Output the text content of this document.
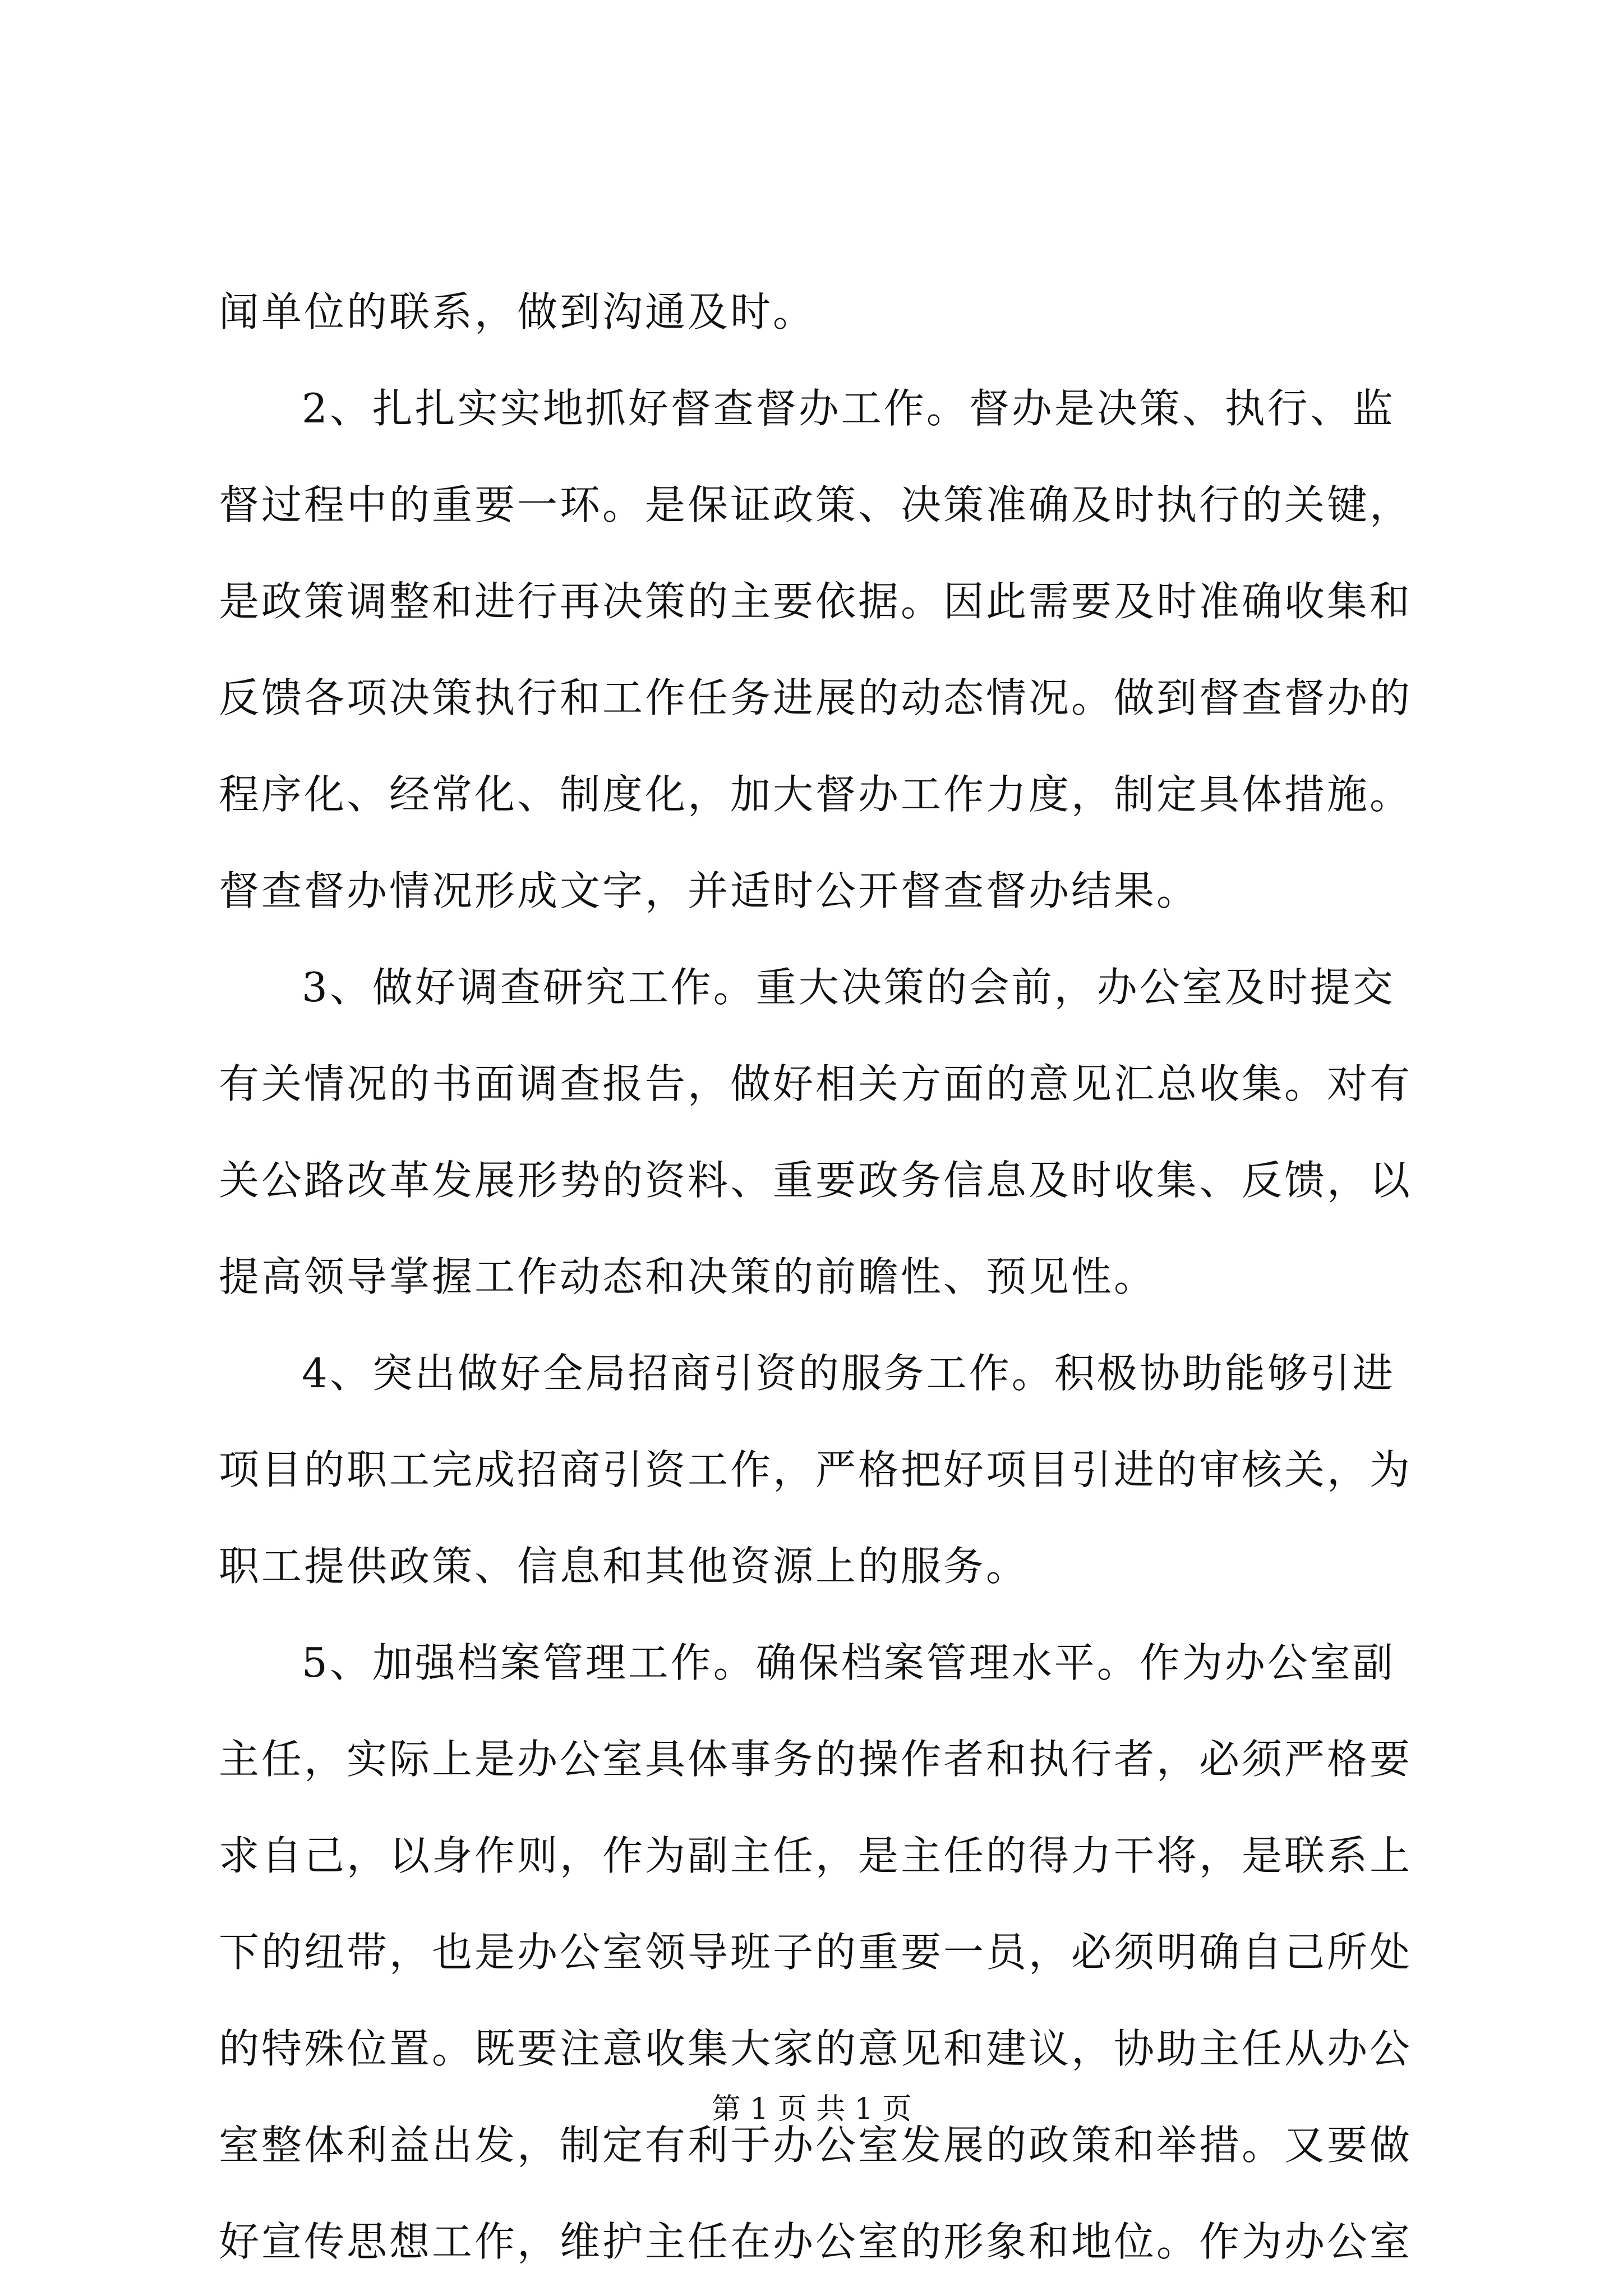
闻单位的联系，做到沟通及时。
2、扎扎实实地抓好督查督办工作。督办是决策、执行、监
督过程中的重要一环。是保证政策、决策准确及时执行的关键，
是政策调整和进行再决策的主要依据。因此需要及时准确收集和
反馈各项决策执行和工作任务进展的动态情况。做到督查督办的
程序化、经常化、制度化，加大督办工作力度，制定具体措施。
督查督办情况形成文字，并适时公开督查督办结果。
3、做好调查研究工作。重大决策的会前，办公室及时提交
有关情况的书面调查报告，做好相关方面的意见汇总收集。对有
关公路改革发展形势的资料、重要政务信息及时收集、反馈，以
提高领导掌握工作动态和决策的前瞻性、预见性。
4、突出做好全局招商引资的服务工作。积极协助能够引进
项目的职工完成招商引资工作，严格把好项目引进的审核关，为
职工提供政策、信息和其他资源上的服务。
5、加强档案管理工作。确保档案管理水平。作为办公室副
主任，实际上是办公室具体事务的操作者和执行者，必须严格要
求自己，以身作则，作为副主任，是主任的得力干将，是联系上
下的纽带，也是办公室领导班子的重要一员，必须明确自己所处
的特殊位置。既要注意收集大家的意见和建议，协助主任从办公
室整体利益出发，制定有利于办公室发展的政策和举措。又要做
好宣传思想工作，维护主任在办公室的形象和地位。作为办公室
第 1 页 共 1 页
